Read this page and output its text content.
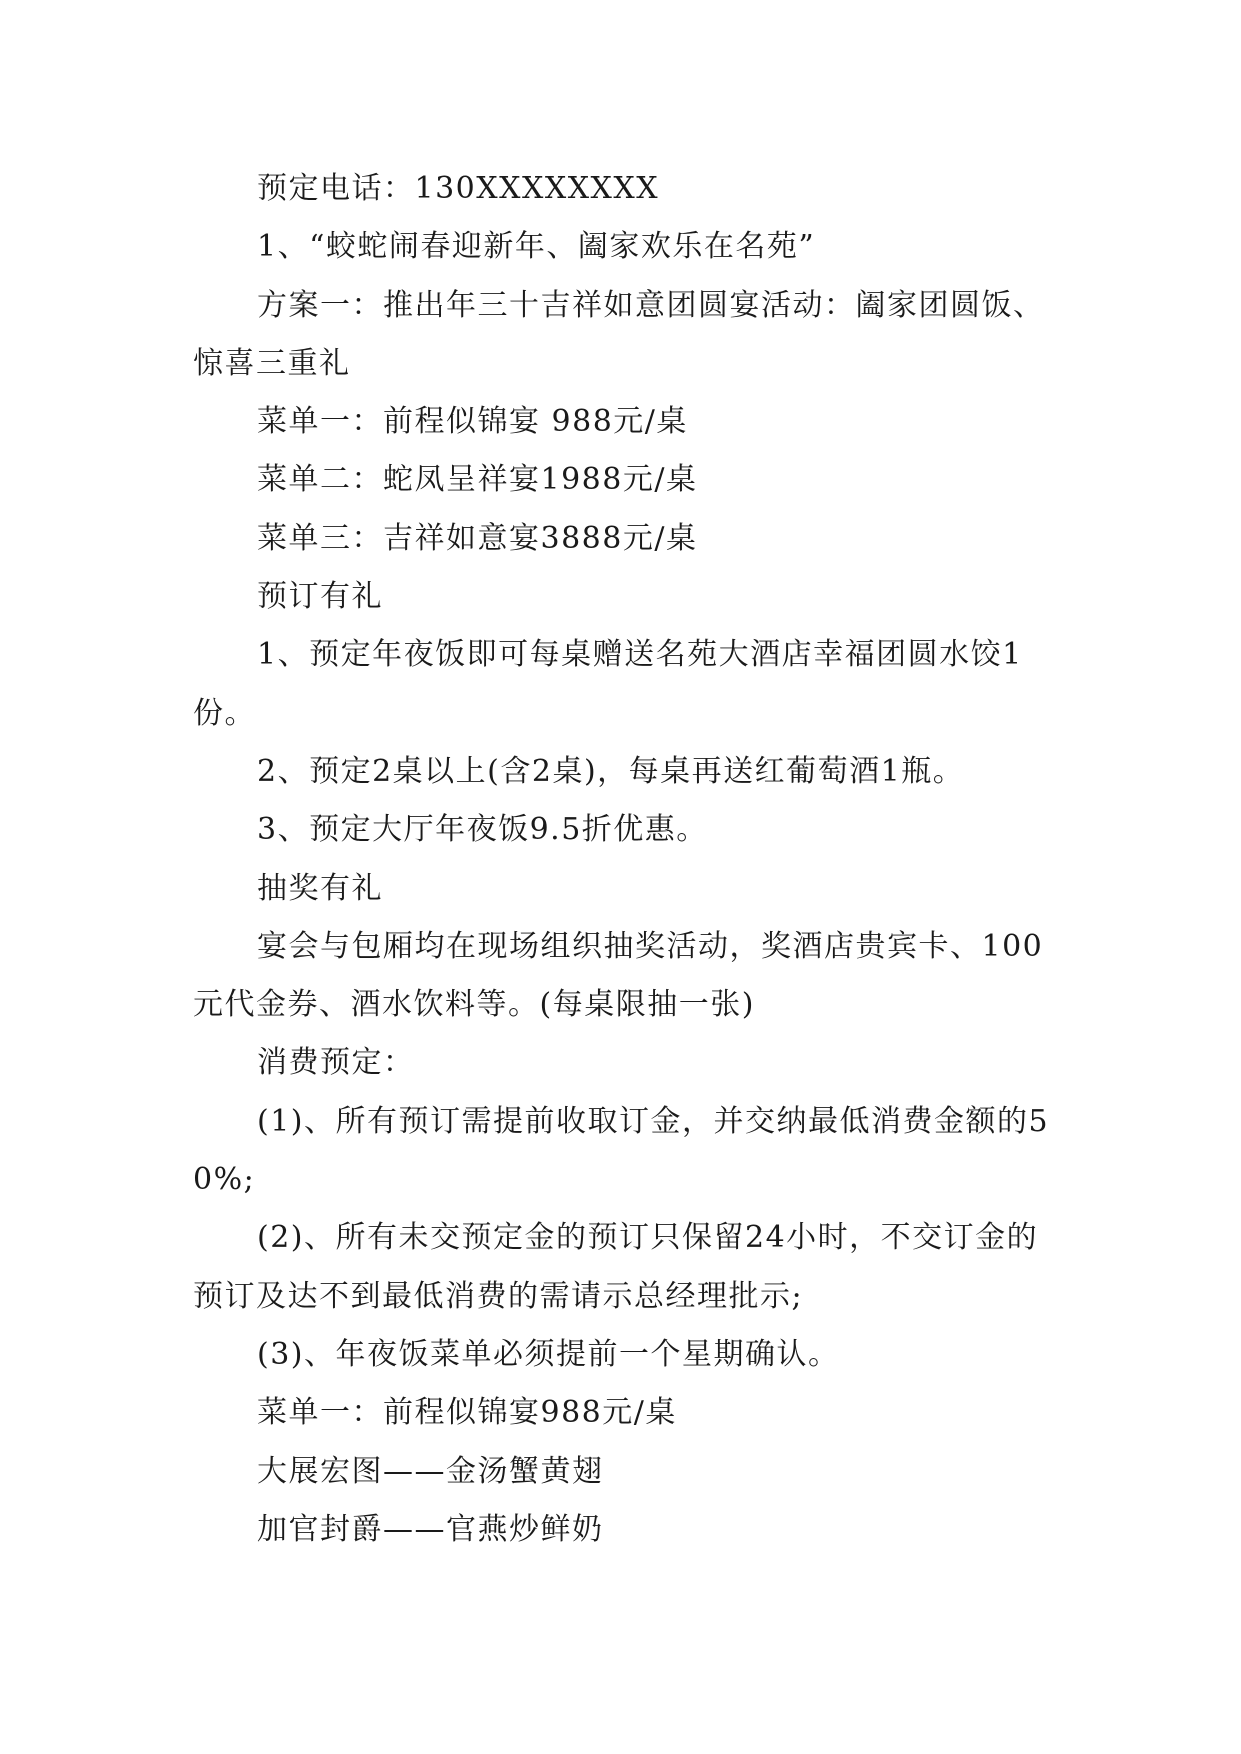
预定电话：130XXXXXXXX

1、“蛟蛇闹春迎新年、阖家欢乐在名苑”

方案一：推出年三十吉祥如意团圆宴活动：阖家团圆饭、惊喜三重礼

菜单一：前程似锦宴 988元/桌

菜单二：蛇凤呈祥宴1988元/桌

菜单三：吉祥如意宴3888元/桌

预订有礼

1、预定年夜饭即可每桌赠送名苑大酒店幸福团圆水饺1份。

2、预定2桌以上(含2桌)，每桌再送红葡萄酒1瓶。

3、预定大厅年夜饭9.5折优惠。

抽奖有礼

宴会与包厢均在现场组织抽奖活动，奖酒店贵宾卡、100元代金券、酒水饮料等。(每桌限抽一张)

消费预定：

(1)、所有预订需提前收取订金，并交纳最低消费金额的50%;

(2)、所有未交预定金的预订只保留24小时，不交订金的预订及达不到最低消费的需请示总经理批示;

(3)、年夜饭菜单必须提前一个星期确认。

菜单一：前程似锦宴988元/桌

大展宏图——金汤蟹黄翅

加官封爵——官燕炒鲜奶
